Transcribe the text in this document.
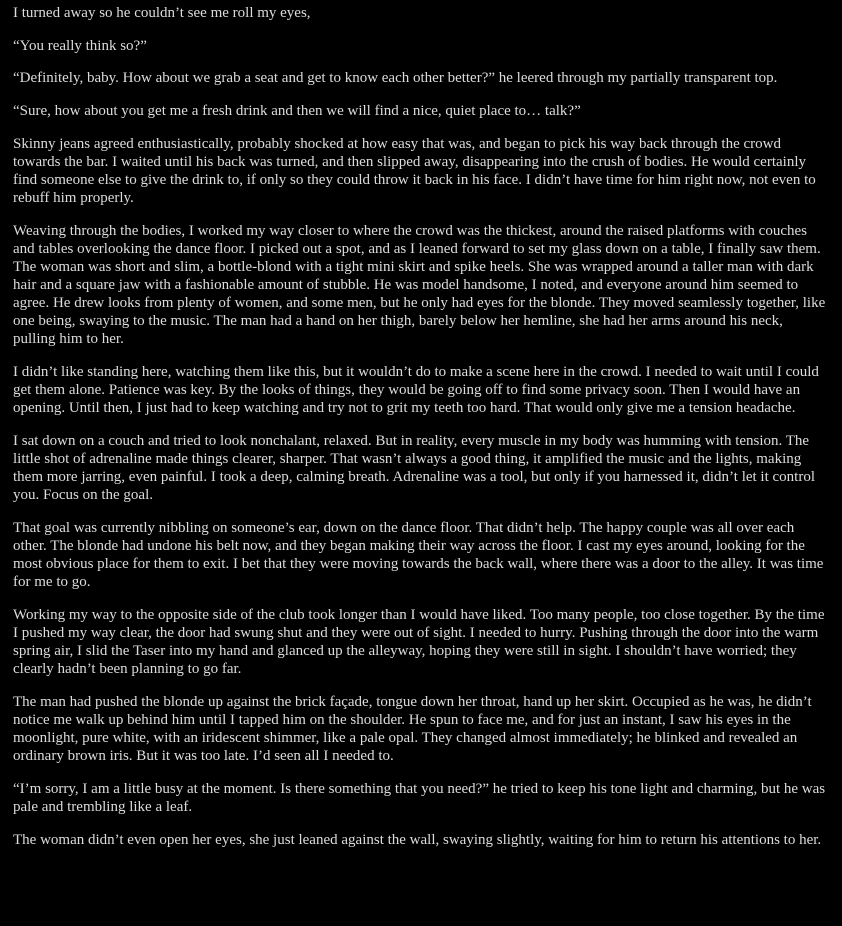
I turned away so he couldn’t see me roll my eyes,

“You really think so?”

“Definitely, baby. How about we grab a seat and get to know each other better?” he leered through my partially transparent top.

“Sure, how about you get me a fresh drink and then we will find a nice, quiet place to… talk?”

Skinny jeans agreed enthusiastically, probably shocked at how easy that was, and began to pick his way back through the crowd towards the bar. I waited until his back was turned, and then slipped away, disappearing into the crush of bodies. He would certainly find someone else to give the drink to, if only so they could throw it back in his face. I didn’t have time for him right now, not even to rebuff him properly.

Weaving through the bodies, I worked my way closer to where the crowd was the thickest, around the raised platforms with couches and tables overlooking the dance floor. I picked out a spot, and as I leaned forward to set my glass down on a table, I finally saw them. The woman was short and slim, a bottle-blond with a tight mini skirt and spike heels. She was wrapped around a taller man with dark hair and a square jaw with a fashionable amount of stubble. He was model handsome, I noted, and everyone around him seemed to agree. He drew looks from plenty of women, and some men, but he only had eyes for the blonde. They moved seamlessly together, like one being, swaying to the music. The man had a hand on her thigh, barely below her hemline, she had her arms around his neck, pulling him to her.

I didn’t like standing here, watching them like this, but it wouldn’t do to make a scene here in the crowd. I needed to wait until I could get them alone. Patience was key. By the looks of things, they would be going off to find some privacy soon. Then I would have an opening. Until then, I just had to keep watching and try not to grit my teeth too hard. That would only give me a tension headache.

I sat down on a couch and tried to look nonchalant, relaxed. But in reality, every muscle in my body was humming with tension. The little shot of adrenaline made things clearer, sharper. That wasn’t always a good thing, it amplified the music and the lights, making them more jarring, even painful. I took a deep, calming breath. Adrenaline was a tool, but only if you harnessed it, didn’t let it control you. Focus on the goal.

That goal was currently nibbling on someone’s ear, down on the dance floor. That didn’t help. The happy couple was all over each other. The blonde had undone his belt now, and they began making their way across the floor. I cast my eyes around, looking for the most obvious place for them to exit. I bet that they were moving towards the back wall, where there was a door to the alley. It was time for me to go.

Working my way to the opposite side of the club took longer than I would have liked. Too many people, too close together. By the time I pushed my way clear, the door had swung shut and they were out of sight. I needed to hurry. Pushing through the door into the warm spring air, I slid the Taser into my hand and glanced up the alleyway, hoping they were still in sight. I shouldn’t have worried; they clearly hadn’t been planning to go far.

The man had pushed the blonde up against the brick façade, tongue down her throat, hand up her skirt. Occupied as he was, he didn’t notice me walk up behind him until I tapped him on the shoulder. He spun to face me, and for just an instant, I saw his eyes in the moonlight, pure white, with an iridescent shimmer, like a pale opal. They changed almost immediately; he blinked and revealed an ordinary brown iris. But it was too late. I’d seen all I needed to.

“I’m sorry, I am a little busy at the moment. Is there something that you need?” he tried to keep his tone light and charming, but he was pale and trembling like a leaf.

The woman didn’t even open her eyes, she just leaned against the wall, swaying slightly, waiting for him to return his attentions to her.
